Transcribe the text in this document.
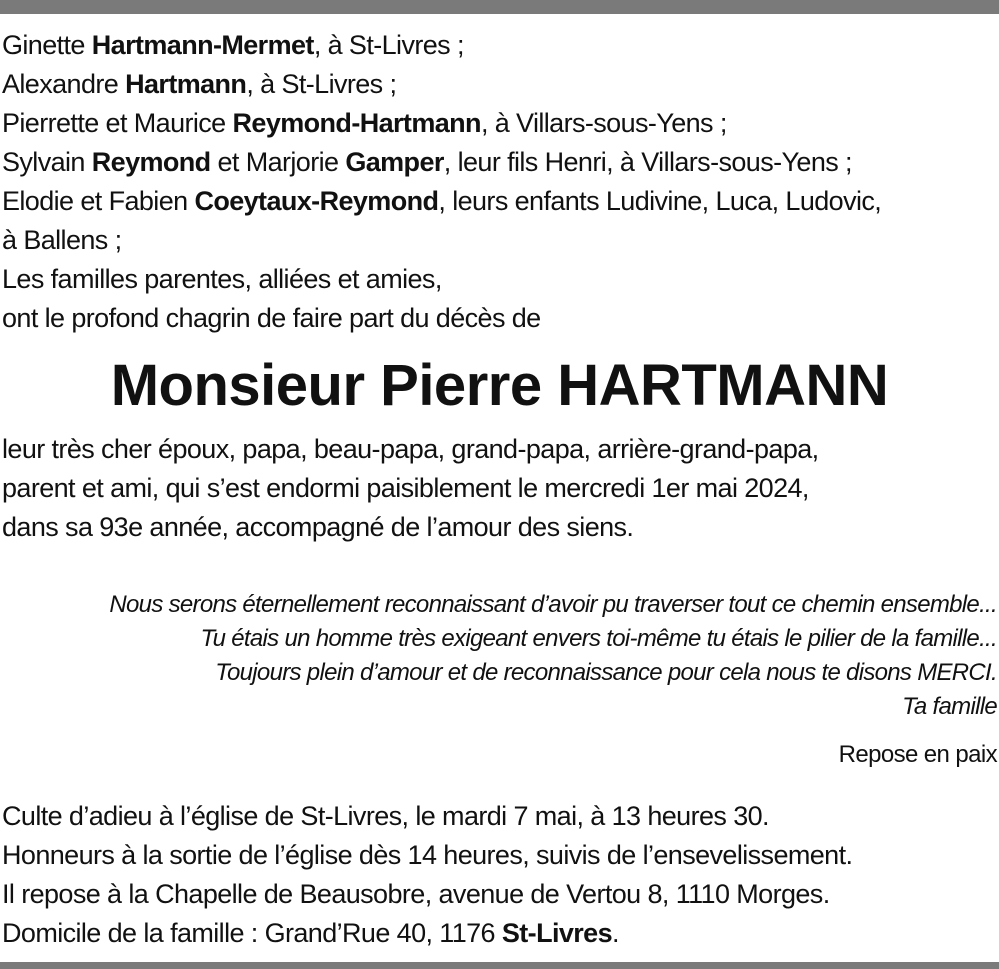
Ginette Hartmann-Mermet, à St-Livres ;
Alexandre Hartmann, à St-Livres ;
Pierrette et Maurice Reymond-Hartmann, à Villars-sous-Yens ;
Sylvain Reymond et Marjorie Gamper, leur fils Henri, à Villars-sous-Yens ;
Elodie et Fabien Coeytaux-Reymond, leurs enfants Ludivine, Luca, Ludovic,
à Ballens ;
Les familles parentes, alliées et amies,
ont le profond chagrin de faire part du décès de
Monsieur Pierre HARTMANN
leur très cher époux, papa, beau-papa, grand-papa, arrière-grand-papa,
parent et ami, qui s’est endormi paisiblement le mercredi 1er mai 2024,
dans sa 93e année, accompagné de l’amour des siens.
Nous serons éternellement reconnaissant d’avoir pu traverser tout ce chemin ensemble...
Tu étais un homme très exigeant envers toi-même tu étais le pilier de la famille...
Toujours plein d’amour et de reconnaissance pour cela nous te disons MERCI.
Ta famille
Repose en paix
Culte d’adieu à l’église de St-Livres, le mardi 7 mai, à 13 heures 30.
Honneurs à la sortie de l’église dès 14 heures, suivis de l’ensevelissement.
Il repose à la Chapelle de Beausobre, avenue de Vertou 8, 1110 Morges.
Domicile de la famille : Grand’Rue 40, 1176 St-Livres.
